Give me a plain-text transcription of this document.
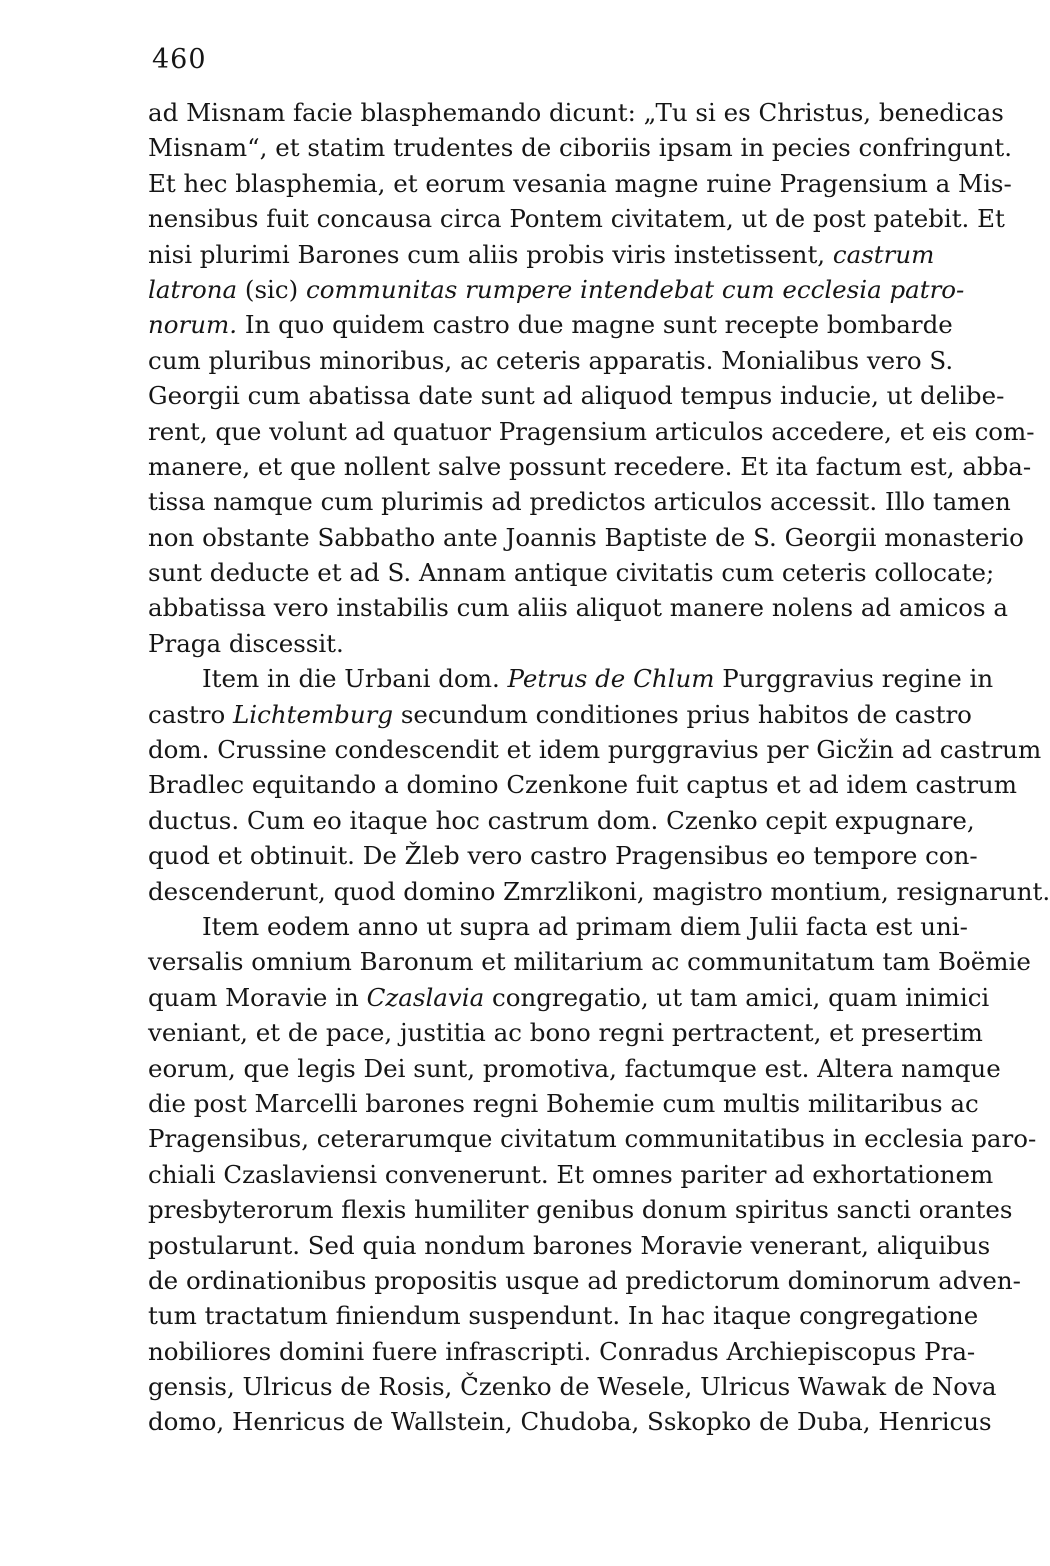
460
ad Misnam facie blasphemando dicunt: „Tu si es Christus, benedicas
Misnam“, et statim trudentes de ciboriis ipsam in pecies confringunt.
Et hec blasphemia, et eorum vesania magne ruine Pragensium a Mis-
nensibus fuit concausa circa Pontem civitatem, ut de post patebit. Et
nisi plurimi Barones cum aliis probis viris instetissent, castrum
latrona (sic) communitas rumpere intendebat cum ecclesia patro-
norum. In quo quidem castro due magne sunt recepte bombarde
cum pluribus minoribus, ac ceteris apparatis. Monialibus vero S.
Georgii cum abatissa date sunt ad aliquod tempus inducie, ut delibe-
rent, que volunt ad quatuor Pragensium articulos accedere, et eis com-
manere, et que nollent salve possunt recedere. Et ita factum est, abba-
tissa namque cum plurimis ad predictos articulos accessit. Illo tamen
non obstante Sabbatho ante Joannis Baptiste de S. Georgii monasterio
sunt deducte et ad S. Annam antique civitatis cum ceteris collocate;
abbatissa vero instabilis cum aliis aliquot manere nolens ad amicos a
Praga discessit.
Item in die Urbani dom. Petrus de Chlum Purggravius regine in
castro Lichtemburg secundum conditiones prius habitos de castro
dom. Crussine condescendit et idem purggravius per Gicžin ad castrum
Bradlec equitando a domino Czenkone fuit captus et ad idem castrum
ductus. Cum eo itaque hoc castrum dom. Czenko cepit expugnare,
quod et obtinuit. De Žleb vero castro Pragensibus eo tempore con-
descenderunt, quod domino Zmrzlikoni, magistro montium, resignarunt.
Item eodem anno ut supra ad primam diem Julii facta est uni-
versalis omnium Baronum et militarium ac communitatum tam Boëmie
quam Moravie in Czaslavia congregatio, ut tam amici, quam inimici
veniant, et de pace, justitia ac bono regni pertractent, et presertim
eorum, que legis Dei sunt, promotiva, factumque est. Altera namque
die post Marcelli barones regni Bohemie cum multis militaribus ac
Pragensibus, ceterarumque civitatum communitatibus in ecclesia paro-
chiali Czaslaviensi convenerunt. Et omnes pariter ad exhortationem
presbyterorum flexis humiliter genibus donum spiritus sancti orantes
postularunt. Sed quia nondum barones Moravie venerant, aliquibus
de ordinationibus propositis usque ad predictorum dominorum adven-
tum tractatum finiendum suspendunt. In hac itaque congregatione
nobiliores domini fuere infrascripti. Conradus Archiepiscopus Pra-
gensis, Ulricus de Rosis, Čzenko de Wesele, Ulricus Wawak de Nova
domo, Henricus de Wallstein, Chudoba, Sskopko de Duba, Henricus
